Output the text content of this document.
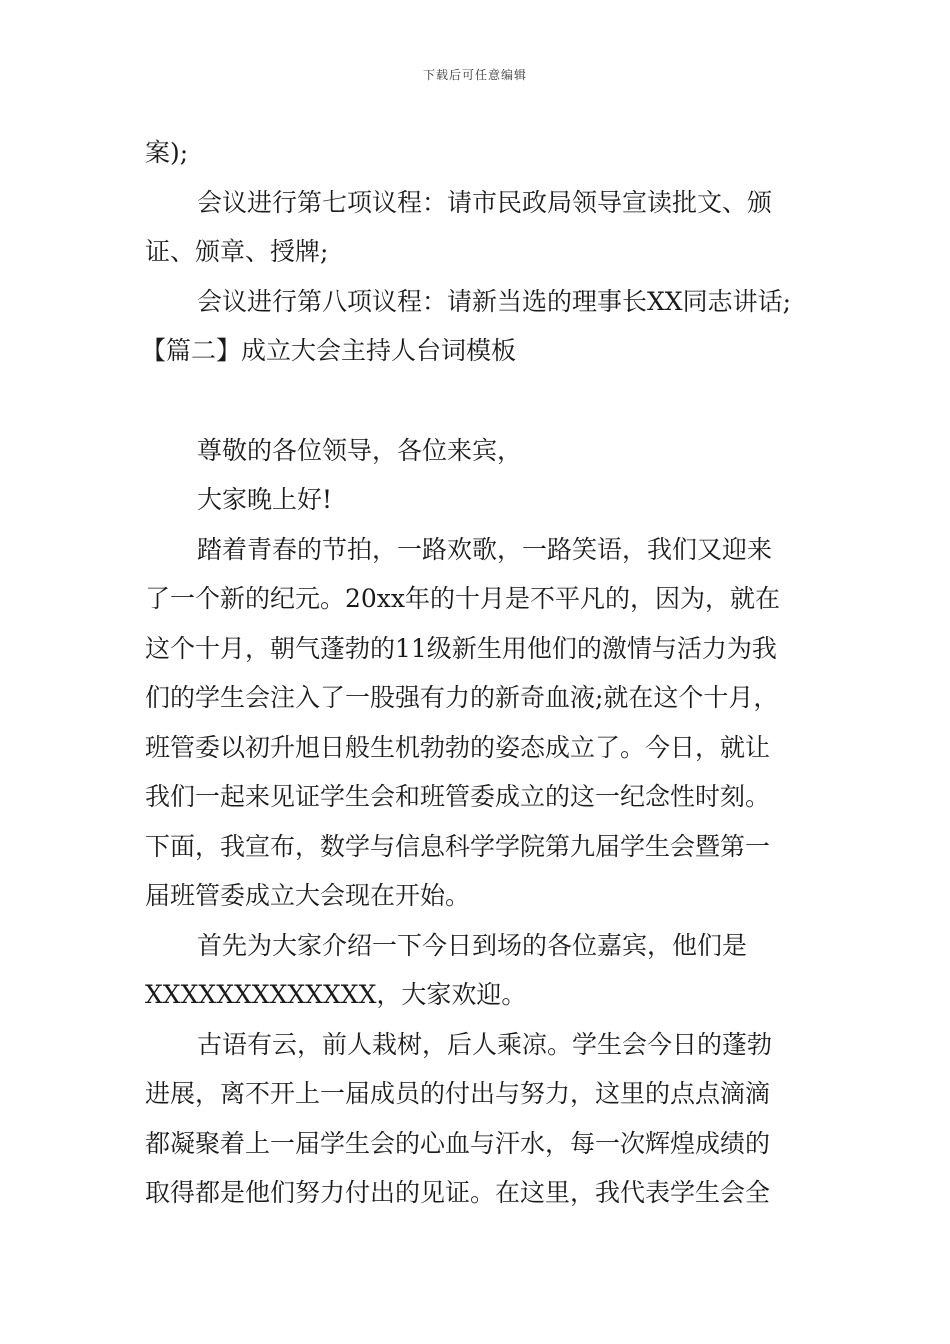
下载后可任意编辑
案);
会议进行第七项议程：请市民政局领导宣读批文、颁
证、颁章、授牌;
会议进行第八项议程：请新当选的理事长XX同志讲话;
【篇二】成立大会主持人台词模板
尊敬的各位领导，各位来宾，
大家晚上好!
踏着青春的节拍，一路欢歌，一路笑语，我们又迎来
了一个新的纪元。20xx年的十月是不平凡的，因为，就在
这个十月，朝气蓬勃的11级新生用他们的激情与活力为我
们的学生会注入了一股强有力的新奇血液;就在这个十月，
班管委以初升旭日般生机勃勃的姿态成立了。今日，就让
我们一起来见证学生会和班管委成立的这一纪念性时刻。
下面，我宣布，数学与信息科学学院第九届学生会暨第一
届班管委成立大会现在开始。
首先为大家介绍一下今日到场的各位嘉宾，他们是
XXXXXXXXXXXXX，大家欢迎。
古语有云，前人栽树，后人乘凉。学生会今日的蓬勃
进展，离不开上一届成员的付出与努力，这里的点点滴滴
都凝聚着上一届学生会的心血与汗水，每一次辉煌成绩的
取得都是他们努力付出的见证。在这里，我代表学生会全
